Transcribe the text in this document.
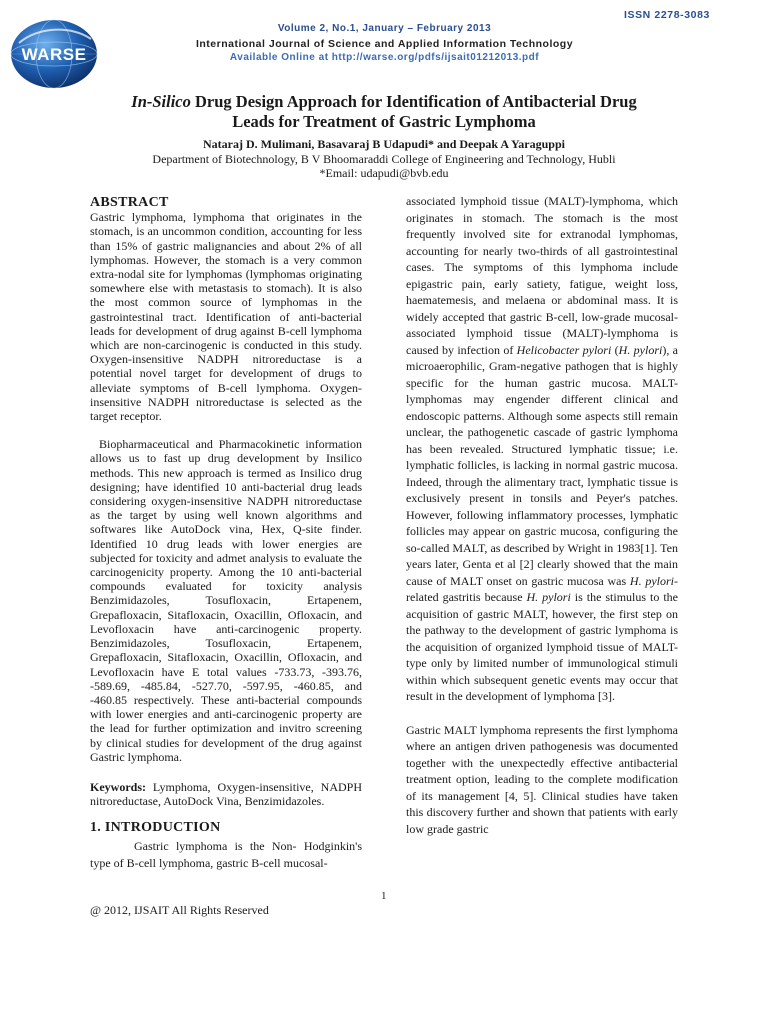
ISSN 2278-3083
WARSE
Volume 2, No.1, January – February 2013
International Journal of Science and Applied Information Technology
Available Online at http://warse.org/pdfs/ijsait01212013.pdf
In-Silico Drug Design Approach for Identification of Antibacterial Drug
Leads for Treatment of Gastric Lymphoma
Nataraj D. Mulimani, Basavaraj B Udapudi* and Deepak A Yaraguppi
Department of Biotechnology, B V Bhoomaraddi College of Engineering and Technology, Hubli
*Email: udapudi@bvb.edu
ABSTRACT

Gastric lymphoma, lymphoma that originates in the stomach, is an uncommon condition, accounting for less than 15% of gastric malignancies and about 2% of all lymphomas. However, the stomach is a very common extra-nodal site for lymphomas (lymphomas originating somewhere else with metastasis to stomach). It is also the most common source of lymphomas in the gastrointestinal tract. Identification of anti-bacterial leads for development of drug against B-cell lymphoma which are non-carcinogenic is conducted in this study. Oxygen-insensitive NADPH nitroreductase is a potential novel target for development of drugs to alleviate symptoms of B-cell lymphoma. Oxygen-insensitive NADPH nitroreductase is selected as the target receptor.

Biopharmaceutical and Pharmacokinetic information allows us to fast up drug development by Insilico methods. This new approach is termed as Insilico drug designing; have identified 10 anti-bacterial drug leads considering oxygen-insensitive NADPH nitroreductase as the target by using well known algorithms and softwares like AutoDock vina, Hex, Q-site finder. Identified 10 drug leads with lower energies are subjected for toxicity and admet analysis to evaluate the carcinogenicity property. Among the 10 anti-bacterial compounds evaluated for toxicity analysis Benzimidazoles, Tosufloxacin, Ertapenem, Grepafloxacin, Sitafloxacin, Oxacillin, Ofloxacin, and Levofloxacin have anti-carcinogenic property. Benzimidazoles, Tosufloxacin, Ertapenem, Grepafloxacin, Sitafloxacin, Oxacillin, Ofloxacin, and Levofloxacin have E total values -733.73, -393.76, -589.69, -485.84, -527.70, -597.95, -460.85, and -460.85 respectively. These anti-bacterial compounds with lower energies and anti-carcinogenic property are the lead for further optimization and invitro screening by clinical studies for development of the drug against Gastric lymphoma.

Keywords: Lymphoma, Oxygen-insensitive, NADPH nitroreductase, AutoDock Vina, Benzimidazoles.

1. INTRODUCTION

Gastric lymphoma is the Non- Hodginkin's type of B-cell lymphoma, gastric B-cell mucosal-

associated lymphoid tissue (MALT)-lymphoma, which originates in stomach. The stomach is the most frequently involved site for extranodal lymphomas, accounting for nearly two-thirds of all gastrointestinal cases. The symptoms of this lymphoma include epigastric pain, early satiety, fatigue, weight loss, haematemesis, and melaena or abdominal mass. It is widely accepted that gastric B-cell, low-grade mucosal-associated lymphoid tissue (MALT)-lymphoma is caused by infection of Helicobacter pylori (H. pylori), a microaerophilic, Gram-negative pathogen that is highly specific for the human gastric mucosa. MALT-lymphomas may engender different clinical and endoscopic patterns. Although some aspects still remain unclear, the pathogenetic cascade of gastric lymphoma has been revealed. Structured lymphatic tissue; i.e. lymphatic follicles, is lacking in normal gastric mucosa. Indeed, through the alimentary tract, lymphatic tissue is exclusively present in tonsils and Peyer's patches. However, following inflammatory processes, lymphatic follicles may appear on gastric mucosa, configuring the so-called MALT, as described by Wright in 1983[1]. Ten years later, Genta et al [2] clearly showed that the main cause of MALT onset on gastric mucosa was H. pylori-related gastritis because H. pylori is the stimulus to the acquisition of gastric MALT, however, the first step on the pathway to the development of gastric lymphoma is the acquisition of organized lymphoid tissue of MALT-type only by limited number of immunological stimuli within which subsequent genetic events may occur that result in the development of lymphoma [3].

Gastric MALT lymphoma represents the first lymphoma where an antigen driven pathogenesis was documented together with the unexpectedly effective antibacterial treatment option, leading to the complete modification of its management [4, 5]. Clinical studies have taken this discovery further and shown that patients with early low grade gastric

1
@ 2012, IJSAIT All Rights Reserved
